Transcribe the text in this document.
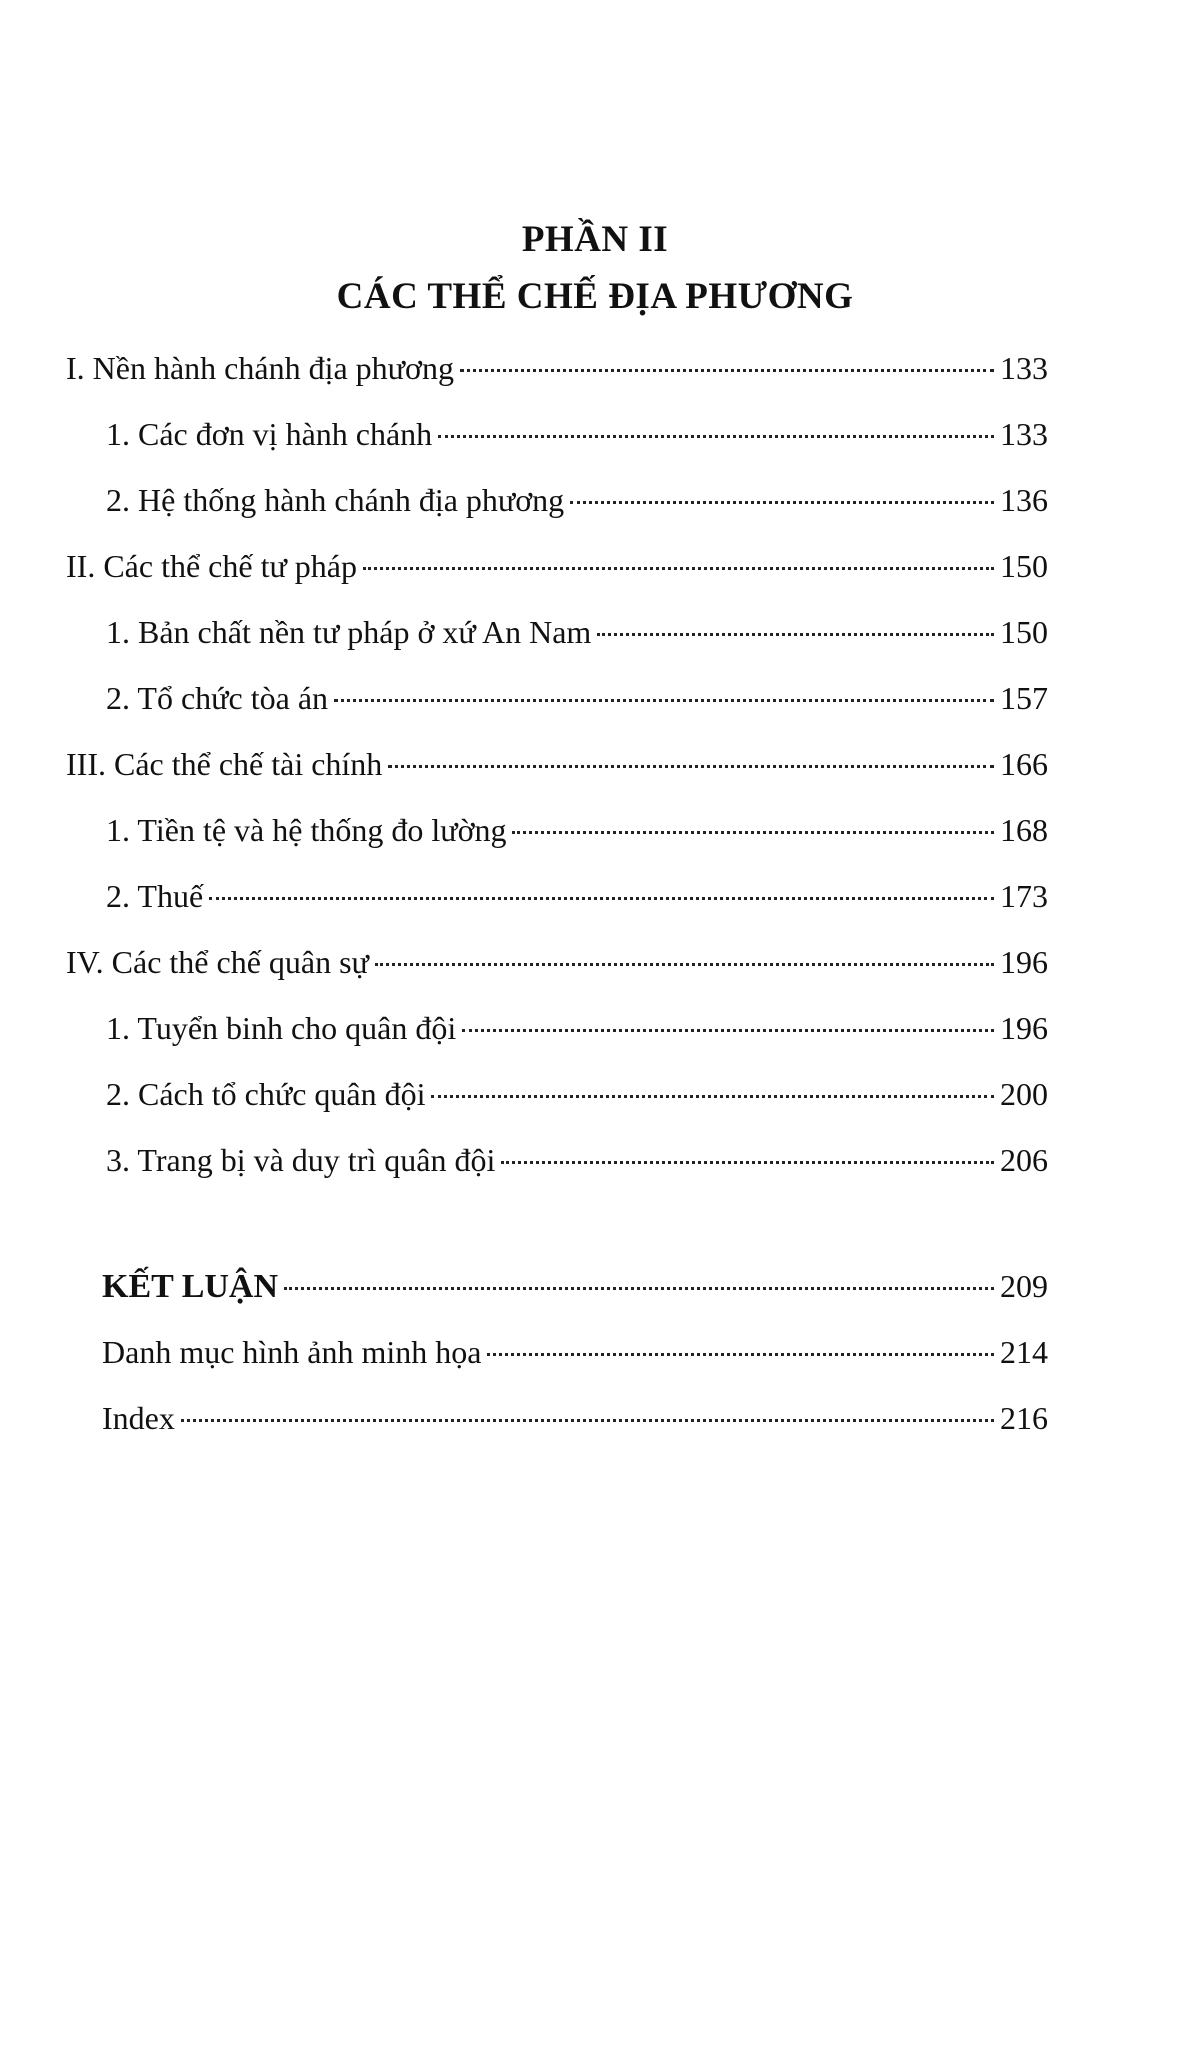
PHẦN II
CÁC THỂ CHẾ ĐỊA PHƯƠNG
I. Nền hành chánh địa phương	133
1. Các đơn vị hành chánh	133
2. Hệ thống hành chánh địa phương	136
II. Các thể chế tư pháp	150
1. Bản chất nền tư pháp ở xứ An Nam	150
2. Tổ chức tòa án	157
III. Các thể chế tài chính	166
1. Tiền tệ và hệ thống đo lường	168
2. Thuế	173
IV. Các thể chế quân sự	196
1. Tuyển binh cho quân đội	196
2. Cách tổ chức quân đội	200
3. Trang bị và duy trì quân đội	206
KẾT LUẬN	209
Danh mục hình ảnh minh họa	214
Index	216
